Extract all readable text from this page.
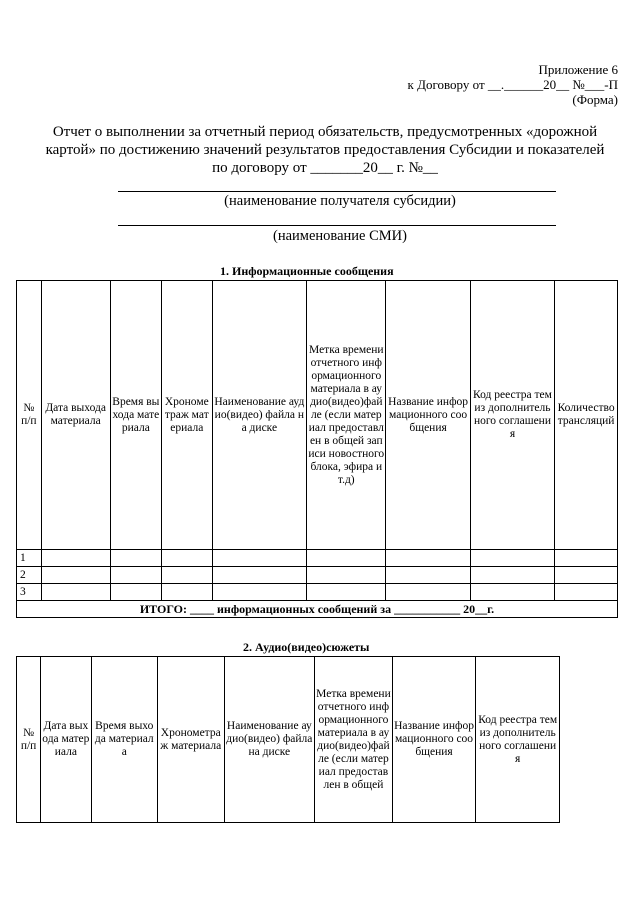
Приложение 6
к Договору от __.______20__ №___-П
(Форма)
Отчет о выполнении за отчетный период обязательств, предусмотренных «дорожной картой» по достижению значений результатов предоставления Субсидии и показателей по договору от _______20__ г. №__
(наименование получателя субсидии)
(наименование СМИ)
1. Информационные сообщения
№ п/п	Дата выхода материала	Время выхода материала	Хронометраж материала	Наименование аудио(видео) файла на диске	Метка времени отчетного информационного материала в аудио(видео)файле (если материал предоставлен в общей записи новостного блока, эфира и т.д)	Название информационного сообщения	Код реестра тем из дополнительного соглашения	Количество трансляций
1								
2								
3								
ИТОГО: ____ информационных сообщений за ___________ 20__г.								
2. Аудио(видео)сюжеты
№ п/п	Дата выхода материала	Время выхода материала	Хронометраж материала	Наименование аудио(видео) файла на диске	Метка времени отчетного информационного материала в аудио(видео)файле (если материал предоставлен в общей	Название информационного сообщения	Код реестра тем из дополнительного соглашения
